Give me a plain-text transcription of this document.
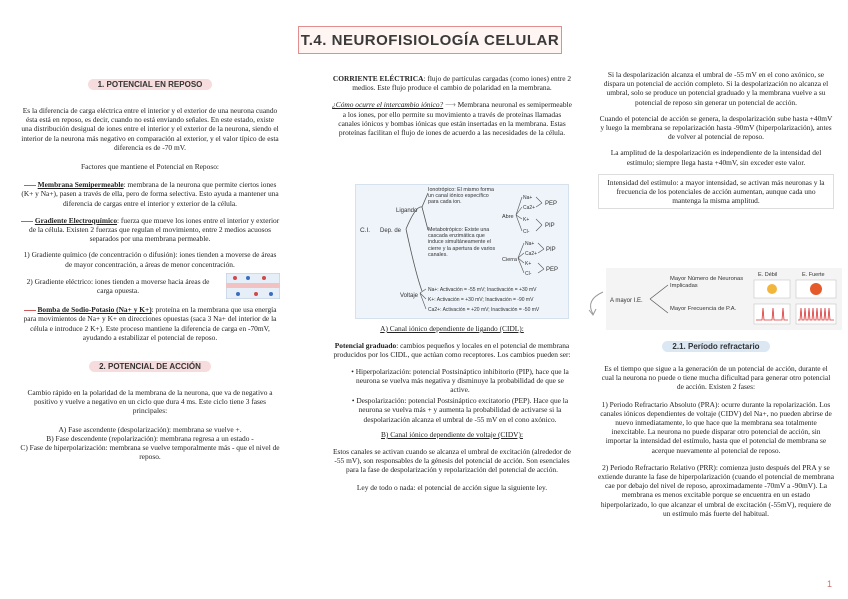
T.4. NEUROFISIOLOGÍA CELULAR
1. POTENCIAL EN REPOSO
Es la diferencia de carga eléctrica entre el interior y el exterior de una neurona cuando ésta está en reposo, es decir, cuando no está enviando señales. En este estado, existe una distribución desigual de iones entre el interior y el exterior de la neurona, siendo el interior de la neurona más negativo en comparación al exterior, y el valor típico de esta diferencia es de -70 mV.
Factores que mantiene el Potencial en Reposo:
Membrana Semipermeable: membrana de la neurona que permite ciertos iones (K+ y Na+), pasen a través de ella, pero de forma selectiva. Esto ayuda a mantener una diferencia de cargas entre el interior y exterior de la célula.
Gradiente Electroquímico: fuerza que mueve los iones entre el interior y exterior de la célula. Existen 2 fuerzas que regulan el movimiento, entre 2 medios acuosos separados por una membrana permeable.
1) Gradiente químico (de concentración o difusión): iones tienden a moverse de áreas de mayor concentración, a áreas de menor concentración.
2) Gradiente eléctrico: iones tienden a moverse hacia áreas de carga opuesta.
Bomba de Sodio-Potasio (Na+ y K+): proteína en la membrana que usa energía para movimientos de Na+ y K+ en direcciones opuestas (saca 3 Na+ del interior de la célula e introduce 2 K+). Este proceso mantiene la diferencia de carga en -70mV, ayudando a estabilizar el potencial de reposo.
2. POTENCIAL DE ACCIÓN
Cambio rápido en la polaridad de la membrana de la neurona, que va de negativo a positivo y vuelve a negativo en un ciclo que dura 4 ms. Este ciclo tiene 3 fases principales:
A) Fase ascendente (despolarización): membrana se vuelve +.
B) Fase descendente (repolarización): membrana regresa a un estado -
C) Fase de hiperpolarización: membrana se vuelve temporalmente más - que el nivel de reposo.
CORRIENTE ELÉCTRICA: flujo de partículas cargadas (como iones) entre 2 medios. Este flujo produce el cambio de polaridad en la membrana.
¿Cómo ocurre el intercambio iónico? ⟶ Membrana neuronal es semipermeable a los iones, por ello permite su movimiento a través de proteínas llamadas canales iónicos y bombas iónicas que están insertadas en la membrana. Estas proteínas facilitan el flujo de iones de acuerdo a las necesidades de la célula.
C.I. Dep. de
Ligando
Voltaje
Ionotrópico: El mismo forma un canal iónico específico para cada ion.
Metabotrópico: Existe una cascada enzimática que induce simultáneamente el cierre y la apertura de varios canales.
Abre
Cierra
Na+
Ca2+
K+
Cl-
Na+
Ca2+
K+
Cl-
PEP
PIP
PIP
PEP
Na+: Activación = -55 mV; Inactivación = +30 mV
K+: Activación = +30 mV; Inactivación = -90 mV
Ca2+: Activación = +20 mV; Inactivación = -50 mV
A) Canal iónico dependiente de ligando (CIDL):
Potencial graduado: cambios pequeños y locales en el potencial de membrana producidos por los CIDL, que actúan como receptores. Los cambios pueden ser:
• Hiperpolarización: potencial Postsináptico inhibitorio (PIP), hace que la neurona se vuelva más negativa y disminuye la probabilidad de que se active.
• Despolarización: potencial Postsináptico excitatorio (PEP). Hace que la neurona se vuelva más + y aumenta la probabilidad de activarse si la despolarización alcanza el umbral de -55 mV en el cono axónico.
B) Canal iónico dependiente de voltaje (CIDV):
Estos canales se activan cuando se alcanza el umbral de excitación (alrededor de -55 mV), son responsables de la génesis del potencial de acción. Son esenciales para la fase de despolarización y repolarización del potencial de acción.
Ley de todo o nada: el potencial de acción sigue la siguiente ley.
Si la despolarización alcanza el umbral de -55 mV en el cono axónico, se dispara un potencial de acción completo. Si la despolarización no alcanza el umbral, solo se produce un potencial graduado y la membrana vuelve a su potencial de reposo sin generar un potencial de acción.
Cuando el potencial de acción se genera, la despolarización sube hasta +40mV y luego la membrana se repolarización hasta -90mV (hiperpolarización), antes de volver al potencial de reposo.
La amplitud de la despolarización es independiente de la intensidad del estímulo; siempre llega hasta +40mV, sin exceder este valor.
Intensidad del estímulo: a mayor intensidad, se activan más neuronas y la frecuencia de los potenciales de acción aumentan, aunque cada uno mantenga la misma amplitud.
A mayor I.E.
Mayor Número de Neuronas Implicadas
Mayor Frecuencia de P.A.
E. Débil	E. Fuerte
2.1. Período refractario
Es el tiempo que sigue a la generación de un potencial de acción, durante el cual la neurona no puede o tiene mucha dificultad para generar otro potencial de acción. Existen 2 fases:
1) Periodo Refractario Absoluto (PRA): ocurre durante la repolarización. Los canales iónicos dependientes de voltaje (CIDV) del Na+, no pueden abrirse de nuevo inmediatamente, lo que hace que la membrana sea totalmente inexcitable. La neurona no puede disparar otro potencial de acción, sin importar la intensidad del estímulo, hasta que el potencial de membrana se acerque nuevamente al potencial de reposo.
2) Periodo Refractario Relativo (PRR): comienza justo después del PRA y se extiende durante la fase de hiperpolarización (cuando el potencial de membrana cae por debajo del nivel de reposo, aproximadamente -70mV a -90mV). La membrana es menos excitable porque se encuentra en un estado hiperpolarizado, lo que alcanzar el umbral de excitación (-55mV), requiere de un estímulo más fuerte del habitual.
1
